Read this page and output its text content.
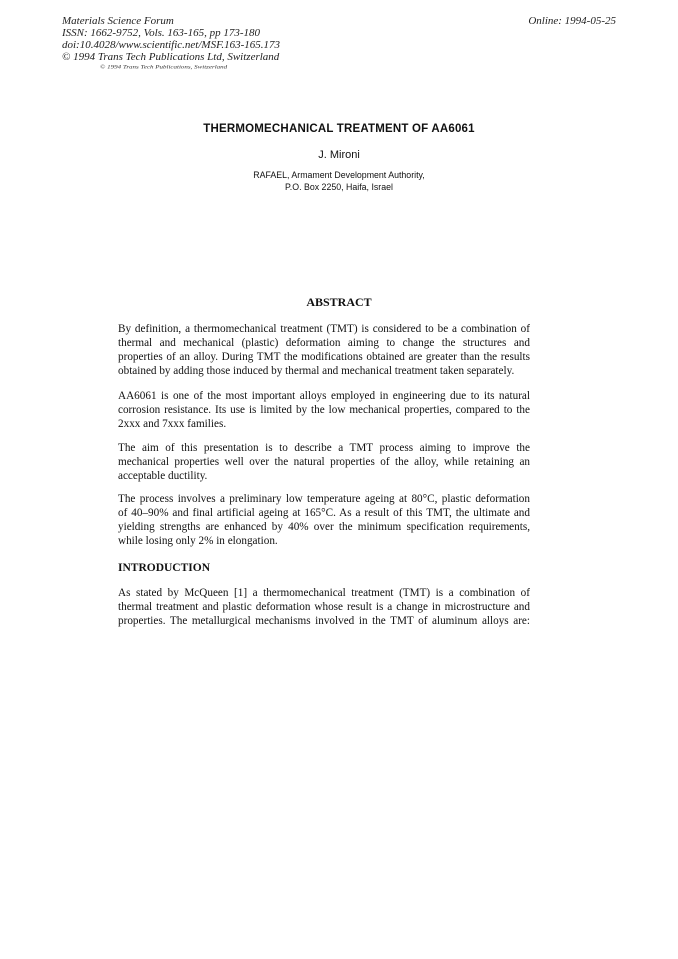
Materials Science Forum
ISSN: 1662-9752, Vols. 163-165, pp 173-180
doi:10.4028/www.scientific.net/MSF.163-165.173
© 1994 Trans Tech Publications Ltd, Switzerland
Online: 1994-05-25
© 1994 Trans Tech Publications, Switzerland
THERMOMECHANICAL TREATMENT OF AA6061
J. Mironi
RAFAEL, Armament Development Authority,
P.O. Box 2250, Haifa, Israel
ABSTRACT
By definition, a thermomechanical treatment (TMT) is considered to be a combination of
thermal and mechanical (plastic) deformation aiming to change the structures and
properties of an alloy. During TMT the modifications obtained are greater than the results
obtained by adding those induced by thermal and mechanical treatment taken separately.
AA6061 is one of the most important alloys employed in engineering due to its natural
corrosion resistance. Its use is limited by the low mechanical properties, compared to the
2xxx and 7xxx families.
The aim of this presentation is to describe a TMT process aiming to improve the
mechanical properties well over the natural properties of the alloy, while retaining an
acceptable ductility.
The process involves a preliminary low temperature ageing at 80°C, plastic deformation
of 40–90% and final artificial ageing at 165°C. As a result of this TMT, the ultimate and
yielding strengths are enhanced by 40% over the minimum specification requirements,
while losing only 2% in elongation.
INTRODUCTION
As stated by McQueen [1] a thermomechanical treatment (TMT) is a combination of
thermal treatment and plastic deformation whose result is a change in microstructure and
properties. The metallurgical mechanisms involved in the TMT of aluminum alloys are:
